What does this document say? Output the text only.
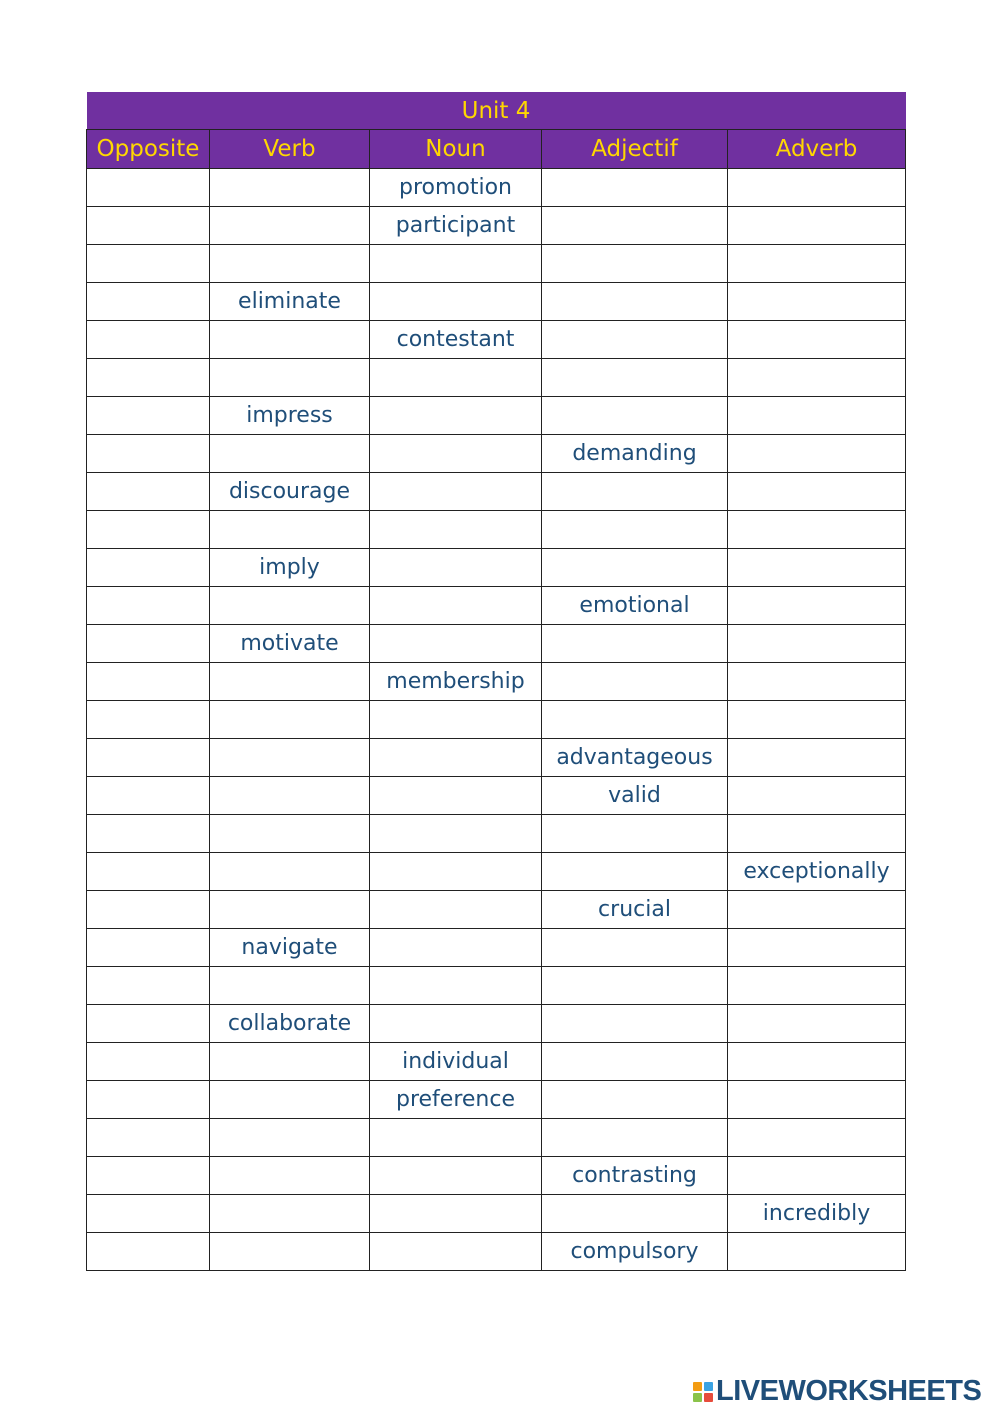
Unit 4				
Opposite	Verb	Noun	Adjectif	Adverb
		promotion		
		participant		

	eliminate			
		contestant		

	impress			
			demanding	
	discourage			

	imply			
			emotional	
	motivate			
		membership		

			advantageous	
			valid	

				exceptionally
			crucial	
	navigate			

	collaborate			
		individual		
		preference		

			contrasting	
				incredibly
			compulsory	
LIVEWORKSHEETS
